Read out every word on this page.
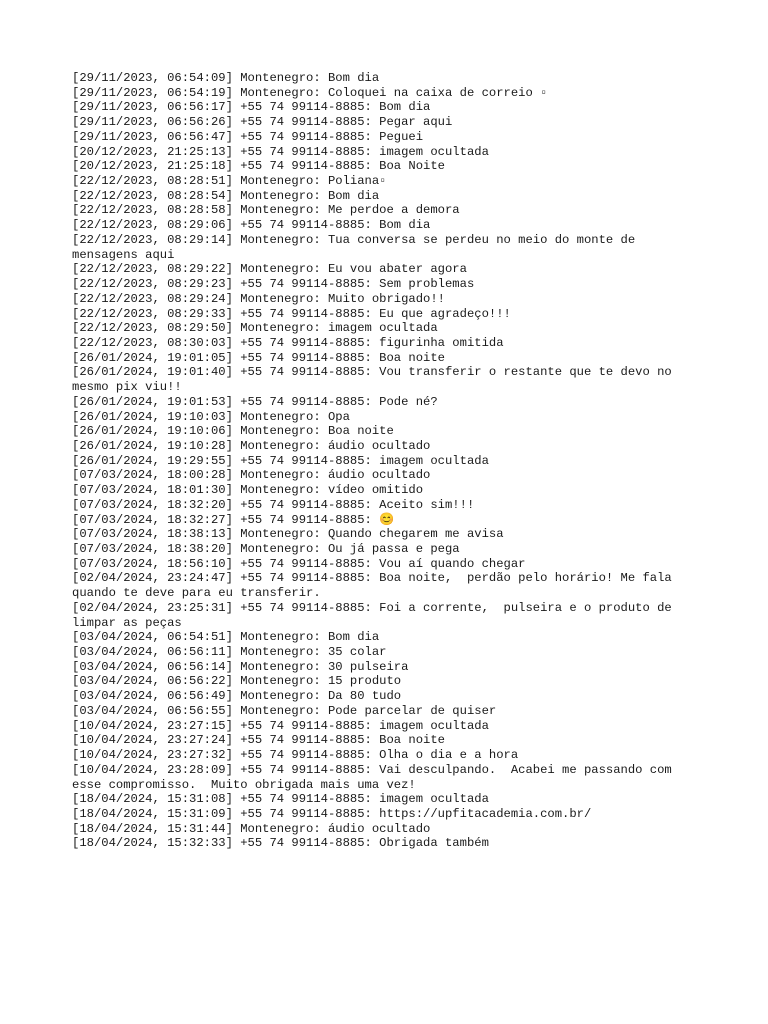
[29/11/2023, 06:54:09] Montenegro: Bom dia
[29/11/2023, 06:54:19] Montenegro: Coloquei na caixa de correio ▫
[29/11/2023, 06:56:17] +55 74 99114-8885: Bom dia
[29/11/2023, 06:56:26] +55 74 99114-8885: Pegar aqui
[29/11/2023, 06:56:47] +55 74 99114-8885: Peguei
[20/12/2023, 21:25:13] +55 74 99114-8885: imagem ocultada
[20/12/2023, 21:25:18] +55 74 99114-8885: Boa Noite
[22/12/2023, 08:28:51] Montenegro: Poliana▫
[22/12/2023, 08:28:54] Montenegro: Bom dia
[22/12/2023, 08:28:58] Montenegro: Me perdoe a demora
[22/12/2023, 08:29:06] +55 74 99114-8885: Bom dia
[22/12/2023, 08:29:14] Montenegro: Tua conversa se perdeu no meio do monte de mensagens aqui
[22/12/2023, 08:29:22] Montenegro: Eu vou abater agora
[22/12/2023, 08:29:23] +55 74 99114-8885: Sem problemas
[22/12/2023, 08:29:24] Montenegro: Muito obrigado!!
[22/12/2023, 08:29:33] +55 74 99114-8885: Eu que agradeço!!!
[22/12/2023, 08:29:50] Montenegro: imagem ocultada
[22/12/2023, 08:30:03] +55 74 99114-8885: figurinha omitida
[26/01/2024, 19:01:05] +55 74 99114-8885: Boa noite
[26/01/2024, 19:01:40] +55 74 99114-8885: Vou transferir o restante que te devo no mesmo pix viu!!
[26/01/2024, 19:01:53] +55 74 99114-8885: Pode né?
[26/01/2024, 19:10:03] Montenegro: Opa
[26/01/2024, 19:10:06] Montenegro: Boa noite
[26/01/2024, 19:10:28] Montenegro: áudio ocultado
[26/01/2024, 19:29:55] +55 74 99114-8885: imagem ocultada
[07/03/2024, 18:00:28] Montenegro: áudio ocultado
[07/03/2024, 18:01:30] Montenegro: vídeo omitido
[07/03/2024, 18:32:20] +55 74 99114-8885: Aceito sim!!!
[07/03/2024, 18:32:27] +55 74 99114-8885: 😊
[07/03/2024, 18:38:13] Montenegro: Quando chegarem me avisa
[07/03/2024, 18:38:20] Montenegro: Ou já passa e pega
[07/03/2024, 18:56:10] +55 74 99114-8885: Vou aí quando chegar
[02/04/2024, 23:24:47] +55 74 99114-8885: Boa noite,  perdão pelo horário! Me fala quando te deve para eu transferir.
[02/04/2024, 23:25:31] +55 74 99114-8885: Foi a corrente,  pulseira e o produto de limpar as peças
[03/04/2024, 06:54:51] Montenegro: Bom dia
[03/04/2024, 06:56:11] Montenegro: 35 colar
[03/04/2024, 06:56:14] Montenegro: 30 pulseira
[03/04/2024, 06:56:22] Montenegro: 15 produto
[03/04/2024, 06:56:49] Montenegro: Da 80 tudo
[03/04/2024, 06:56:55] Montenegro: Pode parcelar de quiser
[10/04/2024, 23:27:15] +55 74 99114-8885: imagem ocultada
[10/04/2024, 23:27:24] +55 74 99114-8885: Boa noite
[10/04/2024, 23:27:32] +55 74 99114-8885: Olha o dia e a hora
[10/04/2024, 23:28:09] +55 74 99114-8885: Vai desculpando.  Acabei me passando com esse compromisso.  Muito obrigada mais uma vez!
[18/04/2024, 15:31:08] +55 74 99114-8885: imagem ocultada
[18/04/2024, 15:31:09] +55 74 99114-8885: https://upfitacademia.com.br/
[18/04/2024, 15:31:44] Montenegro: áudio ocultado
[18/04/2024, 15:32:33] +55 74 99114-8885: Obrigada também
